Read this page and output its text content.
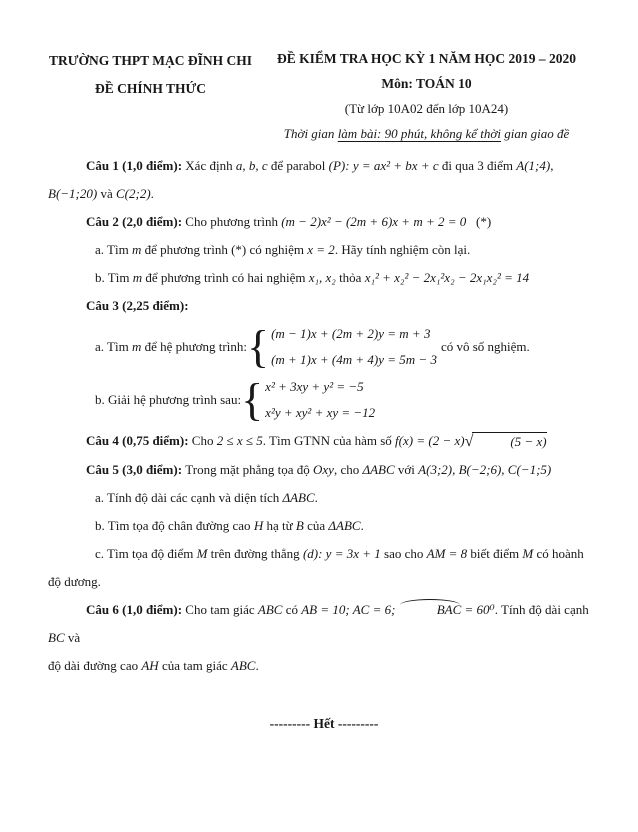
TRƯỜNG THPT MẠC ĐĨNH CHI
ĐỀ CHÍNH THỨC
ĐỀ KIỂM TRA HỌC KỲ 1 NĂM HỌC 2019 – 2020
Môn: TOÁN 10
(Từ lớp 10A02 đến lớp 10A24)
Thời gian làm bài: 90 phút, không kể thời gian giao đề

Câu 1 (1,0 điểm): Xác định a, b, c để parabol (P): y = ax² + bx + c đi qua 3 điểm A(1;4),
B(−1;20) và C(2;2).

Câu 2 (2,0 điểm): Cho phương trình (m − 2)x² − (2m + 6)x + m + 2 = 0   (*)

a. Tìm m để phương trình (*) có nghiệm x = 2. Hãy tính nghiệm còn lại.

b. Tìm m để phương trình có hai nghiệm x₁, x₂ thỏa x₁² + x₂² − 2x₁²x₂ − 2x₁x₂² = 14

Câu 3 (2,25 điểm):

a. Tìm m để hệ phương trình: { (m − 1)x + (2m + 2)y = m + 3
(m + 1)x + (4m + 4)y = 5m − 3
có vô số nghiệm.
b. Giải hệ phương trình sau: { x² + 3xy + y² = −5
x²y + xy² + xy = −12

Câu 4 (0,75 điểm): Cho 2 ≤ x ≤ 5. Tìm GTNN của hàm số f(x) = (2 − x)√	(5 − x)

Câu 5 (3,0 điểm): Trong mặt phẳng tọa độ Oxy, cho ΔABC với A(3;2), B(−2;6), C(−1;5)

a. Tính độ dài các cạnh và diện tích ΔABC.

b. Tìm tọa độ chân đường cao H hạ từ B của ΔABC.

c. Tìm tọa độ điểm M trên đường thẳng (d): y = 3x + 1 sao cho AM = 8 biết điểm M có hoành
độ dương.

Câu 6 (1,0 điểm): Cho tam giác ABC có AB = 10; AC = 6;	BAC = 60⁰. Tính độ dài cạnh BC và
độ dài đường cao AH của tam giác ABC.

--------- Hết ---------
